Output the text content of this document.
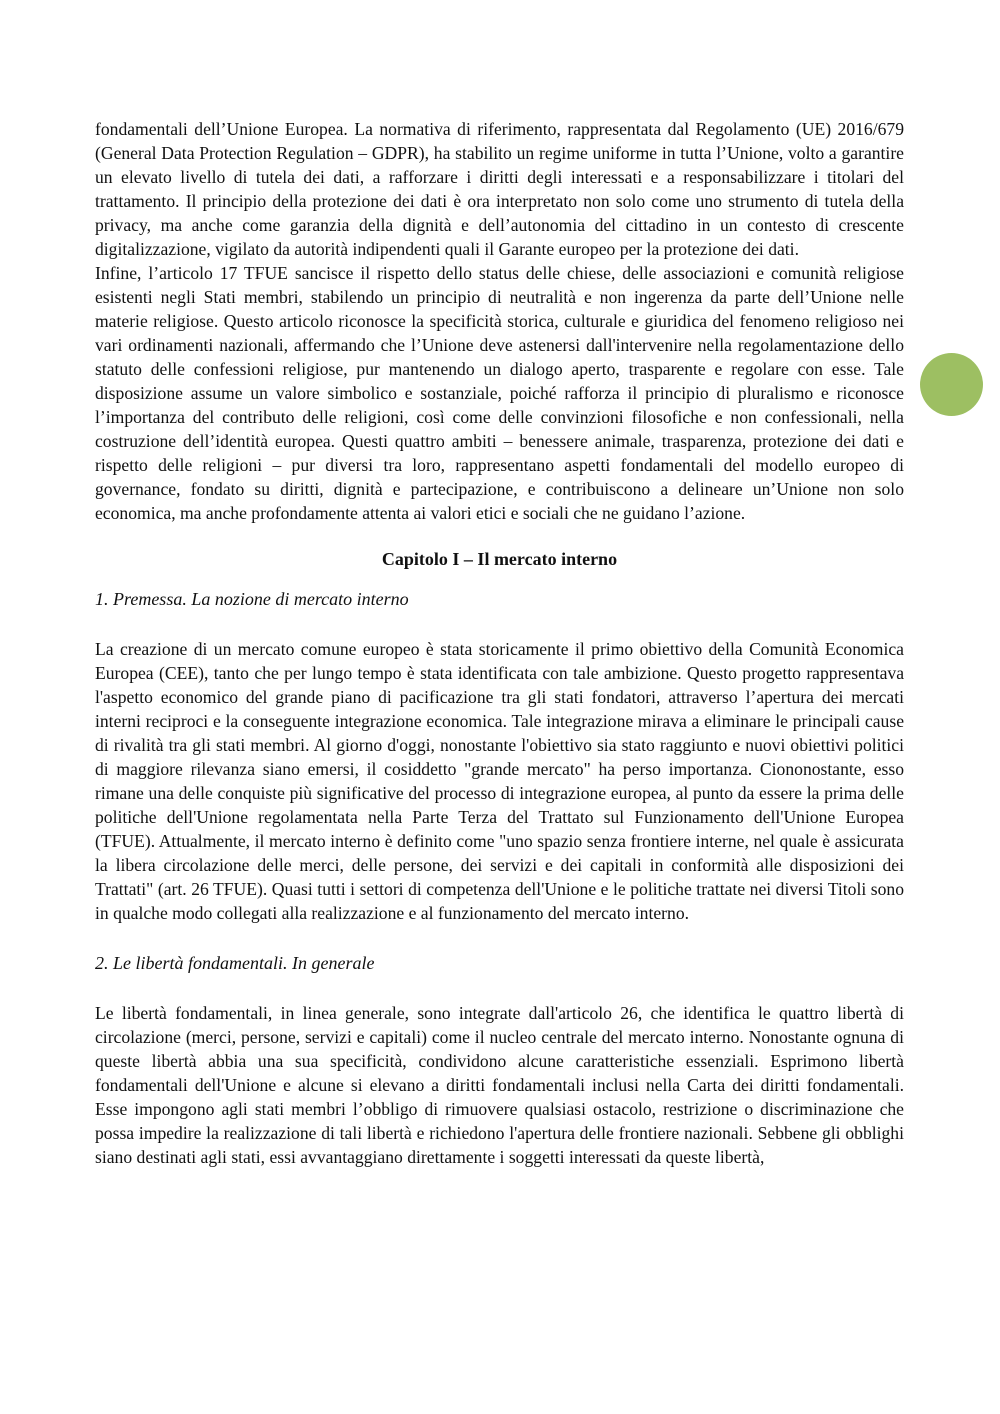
fondamentali dell’Unione Europea. La normativa di riferimento, rappresentata dal Regolamento (UE) 2016/679 (General Data Protection Regulation – GDPR), ha stabilito un regime uniforme in tutta l’Unione, volto a garantire un elevato livello di tutela dei dati, a rafforzare i diritti degli interessati e a responsabilizzare i titolari del trattamento. Il principio della protezione dei dati è ora interpretato non solo come uno strumento di tutela della privacy, ma anche come garanzia della dignità e dell’autonomia del cittadino in un contesto di crescente digitalizzazione, vigilato da autorità indipendenti quali il Garante europeo per la protezione dei dati.

Infine, l’articolo 17 TFUE sancisce il rispetto dello status delle chiese, delle associazioni e comunità religiose esistenti negli Stati membri, stabilendo un principio di neutralità e non ingerenza da parte dell’Unione nelle materie religiose. Questo articolo riconosce la specificità storica, culturale e giuridica del fenomeno religioso nei vari ordinamenti nazionali, affermando che l’Unione deve astenersi dall'intervenire nella regolamentazione dello statuto delle confessioni religiose, pur mantenendo un dialogo aperto, trasparente e regolare con esse. Tale disposizione assume un valore simbolico e sostanziale, poiché rafforza il principio di pluralismo e riconosce l’importanza del contributo delle religioni, così come delle convinzioni filosofiche e non confessionali, nella costruzione dell’identità europea. Questi quattro ambiti – benessere animale, trasparenza, protezione dei dati e rispetto delle religioni – pur diversi tra loro, rappresentano aspetti fondamentali del modello europeo di governance, fondato su diritti, dignità e partecipazione, e contribuiscono a delineare un’Unione non solo economica, ma anche profondamente attenta ai valori etici e sociali che ne guidano l’azione.

Capitolo I – Il mercato interno
1. Premessa. La nozione di mercato interno

La creazione di un mercato comune europeo è stata storicamente il primo obiettivo della Comunità Economica Europea (CEE), tanto che per lungo tempo è stata identificata con tale ambizione. Questo progetto rappresentava l'aspetto economico del grande piano di pacificazione tra gli stati fondatori, attraverso l’apertura dei mercati interni reciproci e la conseguente integrazione economica. Tale integrazione mirava a eliminare le principali cause di rivalità tra gli stati membri. Al giorno d'oggi, nonostante l'obiettivo sia stato raggiunto e nuovi obiettivi politici di maggiore rilevanza siano emersi, il cosiddetto "grande mercato" ha perso importanza. Ciononostante, esso rimane una delle conquiste più significative del processo di integrazione europea, al punto da essere la prima delle politiche dell'Unione regolamentata nella Parte Terza del Trattato sul Funzionamento dell'Unione Europea (TFUE). Attualmente, il mercato interno è definito come "uno spazio senza frontiere interne, nel quale è assicurata la libera circolazione delle merci, delle persone, dei servizi e dei capitali in conformità alle disposizioni dei Trattati" (art. 26 TFUE). Quasi tutti i settori di competenza dell'Unione e le politiche trattate nei diversi Titoli sono in qualche modo collegati alla realizzazione e al funzionamento del mercato interno.

2. Le libertà fondamentali. In generale

Le libertà fondamentali, in linea generale, sono integrate dall'articolo 26, che identifica le quattro libertà di circolazione (merci, persone, servizi e capitali) come il nucleo centrale del mercato interno. Nonostante ognuna di queste libertà abbia una sua specificità, condividono alcune caratteristiche essenziali. Esprimono libertà fondamentali dell'Unione e alcune si elevano a diritti fondamentali inclusi nella Carta dei diritti fondamentali. Esse impongono agli stati membri l’obbligo di rimuovere qualsiasi ostacolo, restrizione o discriminazione che possa impedire la realizzazione di tali libertà e richiedono l'apertura delle frontiere nazionali. Sebbene gli obblighi siano destinati agli stati, essi avvantaggiano direttamente i soggetti interessati da queste libertà,
